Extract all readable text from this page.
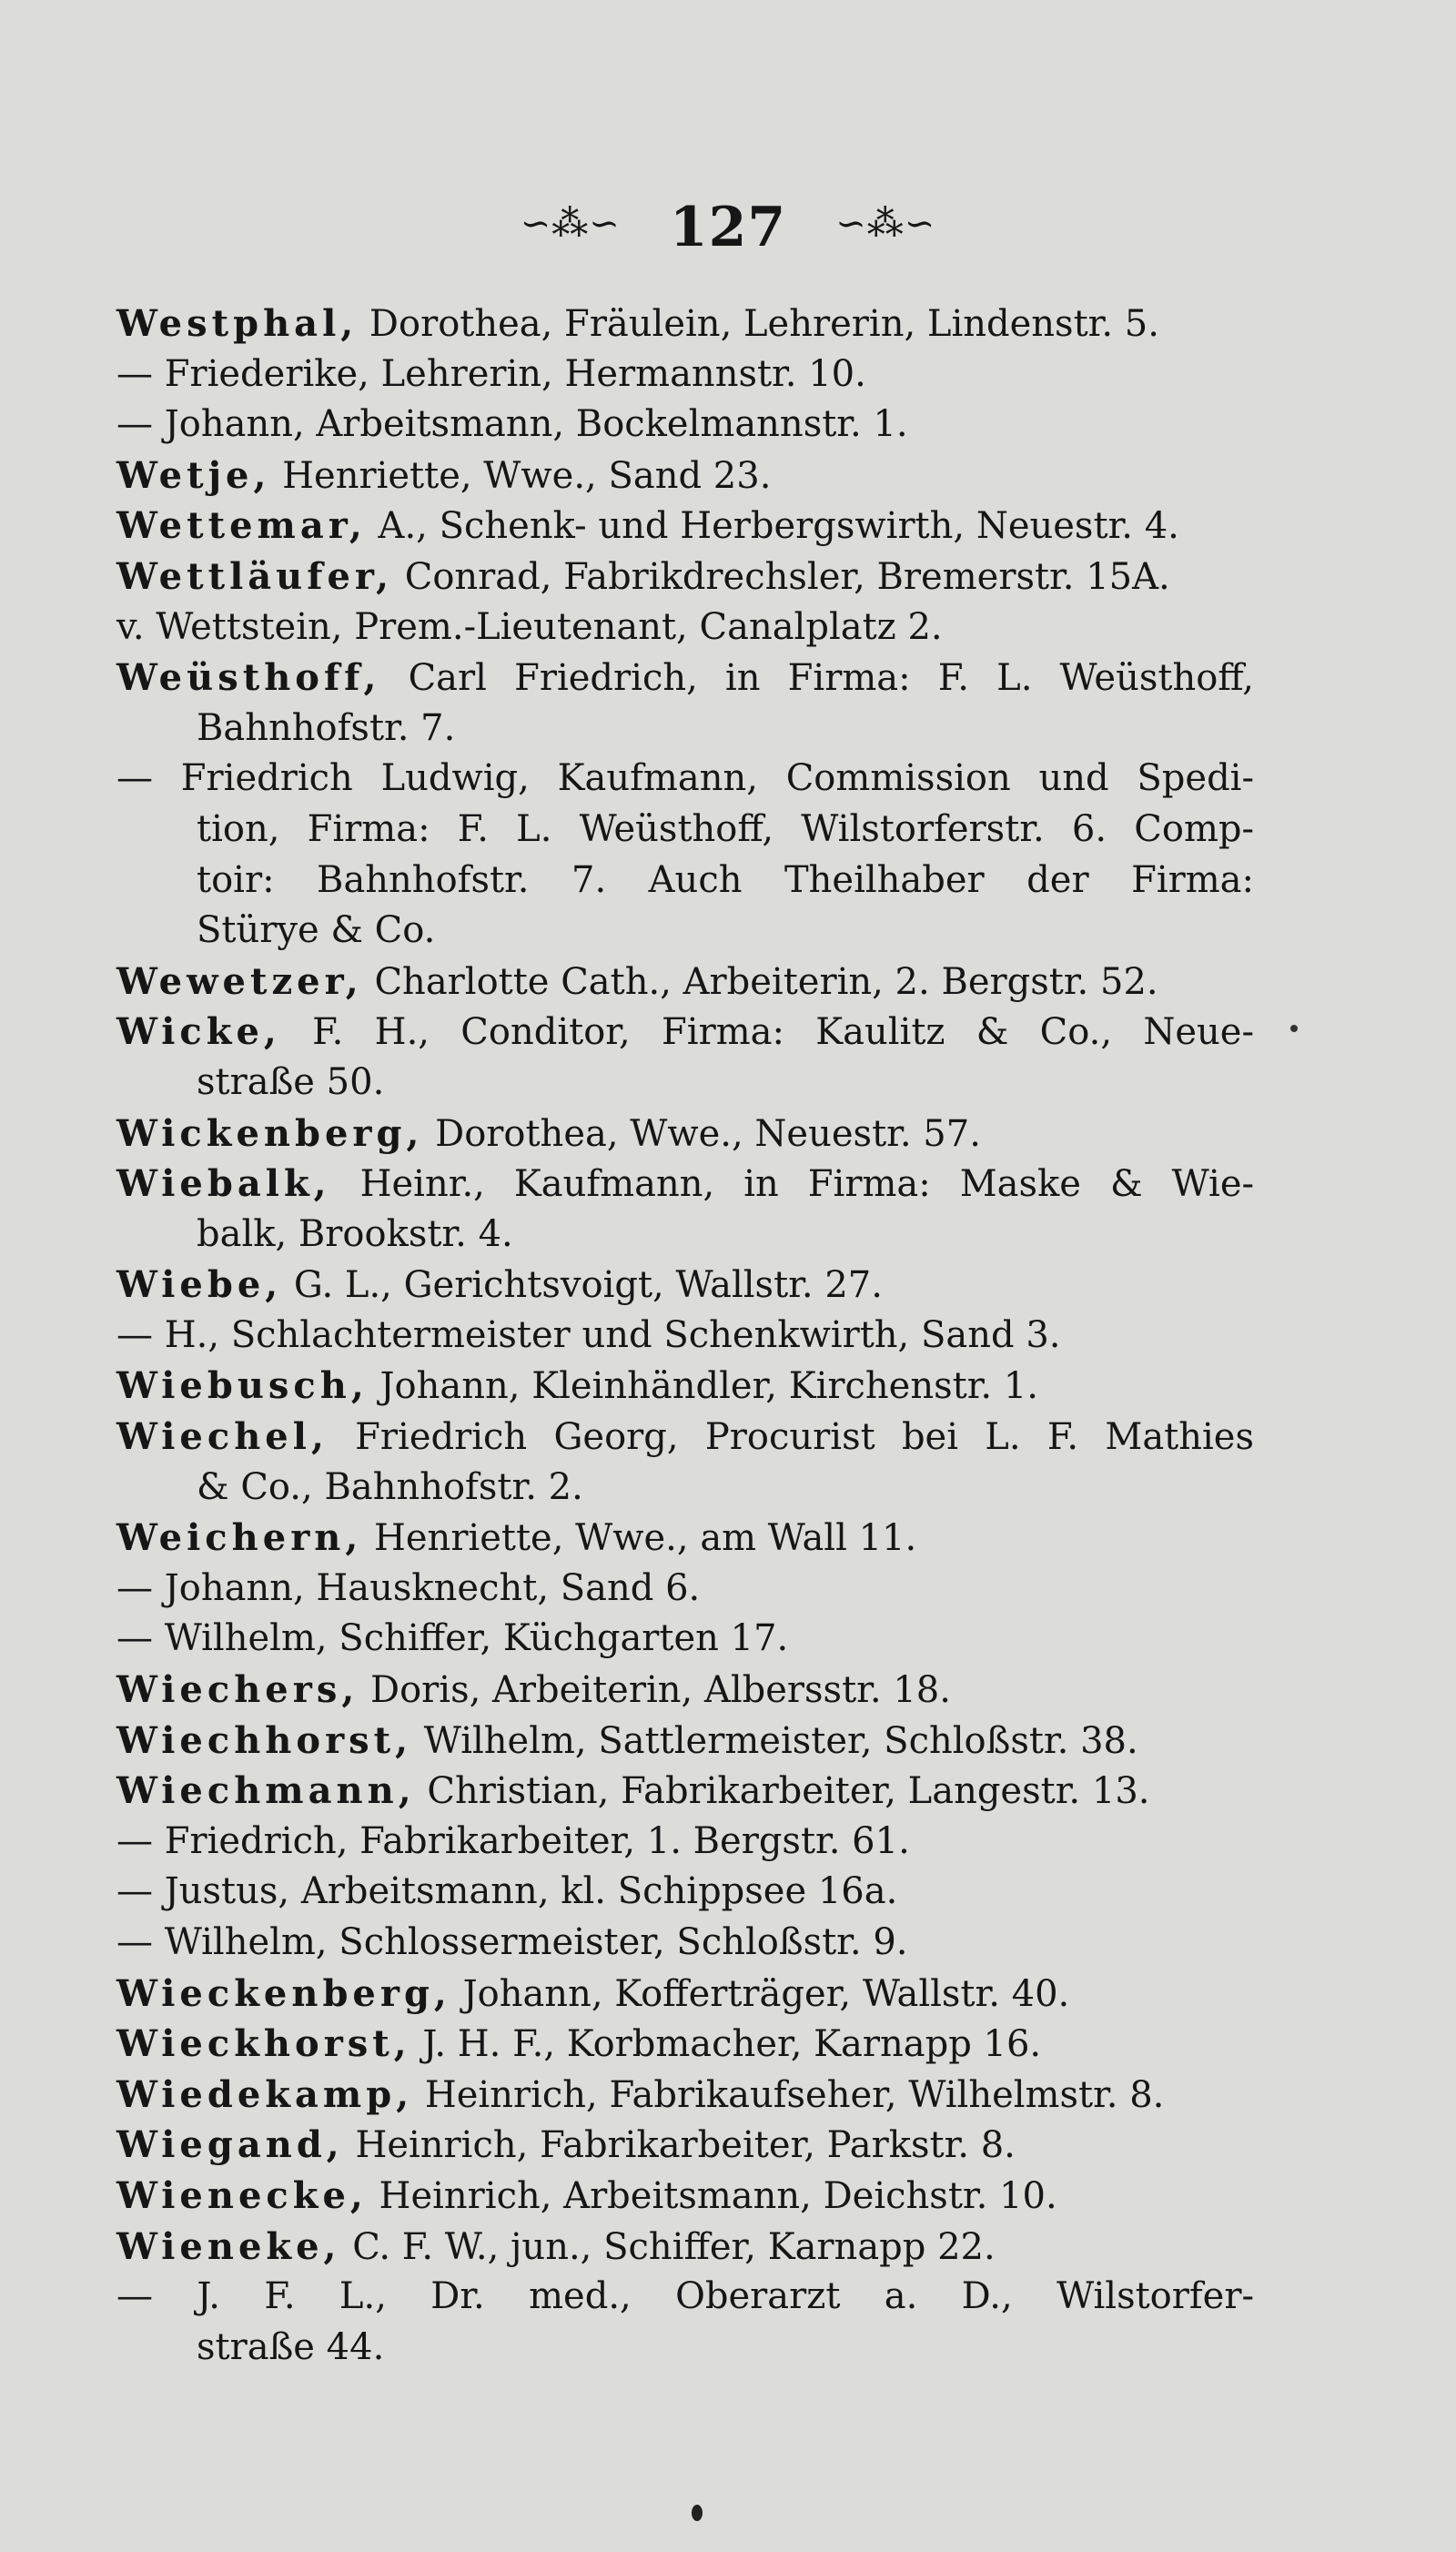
∽⁂∽ 127 ∽⁂∽
Westphal, Dorothea, Fräulein, Lehrerin, Lindenstr. 5.
— Friederike, Lehrerin, Hermannstr. 10.
— Johann, Arbeitsmann, Bockelmannstr. 1.
Wetje, Henriette, Wwe., Sand 23.
Wettemar, A., Schenk- und Herbergswirth, Neuestr. 4.
Wettläufer, Conrad, Fabrikdrechsler, Bremerstr. 15A.
v. Wettstein, Prem.-Lieutenant, Canalplatz 2.
Weüsthoff, Carl Friedrich, in Firma: F. L. Weüsthoff,
Bahnhofstr. 7.
— Friedrich Ludwig, Kaufmann, Commission und Spedi-
tion, Firma: F. L. Weüsthoff, Wilstorferstr. 6. Comp-
toir: Bahnhofstr. 7. Auch Theilhaber der Firma:
Stürye & Co.
Wewetzer, Charlotte Cath., Arbeiterin, 2. Bergstr. 52.
Wicke, F. H., Conditor, Firma: Kaulitz & Co., Neue-
straße 50.
Wickenberg, Dorothea, Wwe., Neuestr. 57.
Wiebalk, Heinr., Kaufmann, in Firma: Maske & Wie-
balk, Brookstr. 4.
Wiebe, G. L., Gerichtsvoigt, Wallstr. 27.
— H., Schlachtermeister und Schenkwirth, Sand 3.
Wiebusch, Johann, Kleinhändler, Kirchenstr. 1.
Wiechel, Friedrich Georg, Procurist bei L. F. Mathies
& Co., Bahnhofstr. 2.
Weichern, Henriette, Wwe., am Wall 11.
— Johann, Hausknecht, Sand 6.
— Wilhelm, Schiffer, Küchgarten 17.
Wiechers, Doris, Arbeiterin, Albersstr. 18.
Wiechhorst, Wilhelm, Sattlermeister, Schloßstr. 38.
Wiechmann, Christian, Fabrikarbeiter, Langestr. 13.
— Friedrich, Fabrikarbeiter, 1. Bergstr. 61.
— Justus, Arbeitsmann, kl. Schippsee 16a.
— Wilhelm, Schlossermeister, Schloßstr. 9.
Wieckenberg, Johann, Kofferträger, Wallstr. 40.
Wieckhorst, J. H. F., Korbmacher, Karnapp 16.
Wiedekamp, Heinrich, Fabrikaufseher, Wilhelmstr. 8.
Wiegand, Heinrich, Fabrikarbeiter, Parkstr. 8.
Wienecke, Heinrich, Arbeitsmann, Deichstr. 10.
Wieneke, C. F. W., jun., Schiffer, Karnapp 22.
— J. F. L., Dr. med., Oberarzt a. D., Wilstorfer-
straße 44.
